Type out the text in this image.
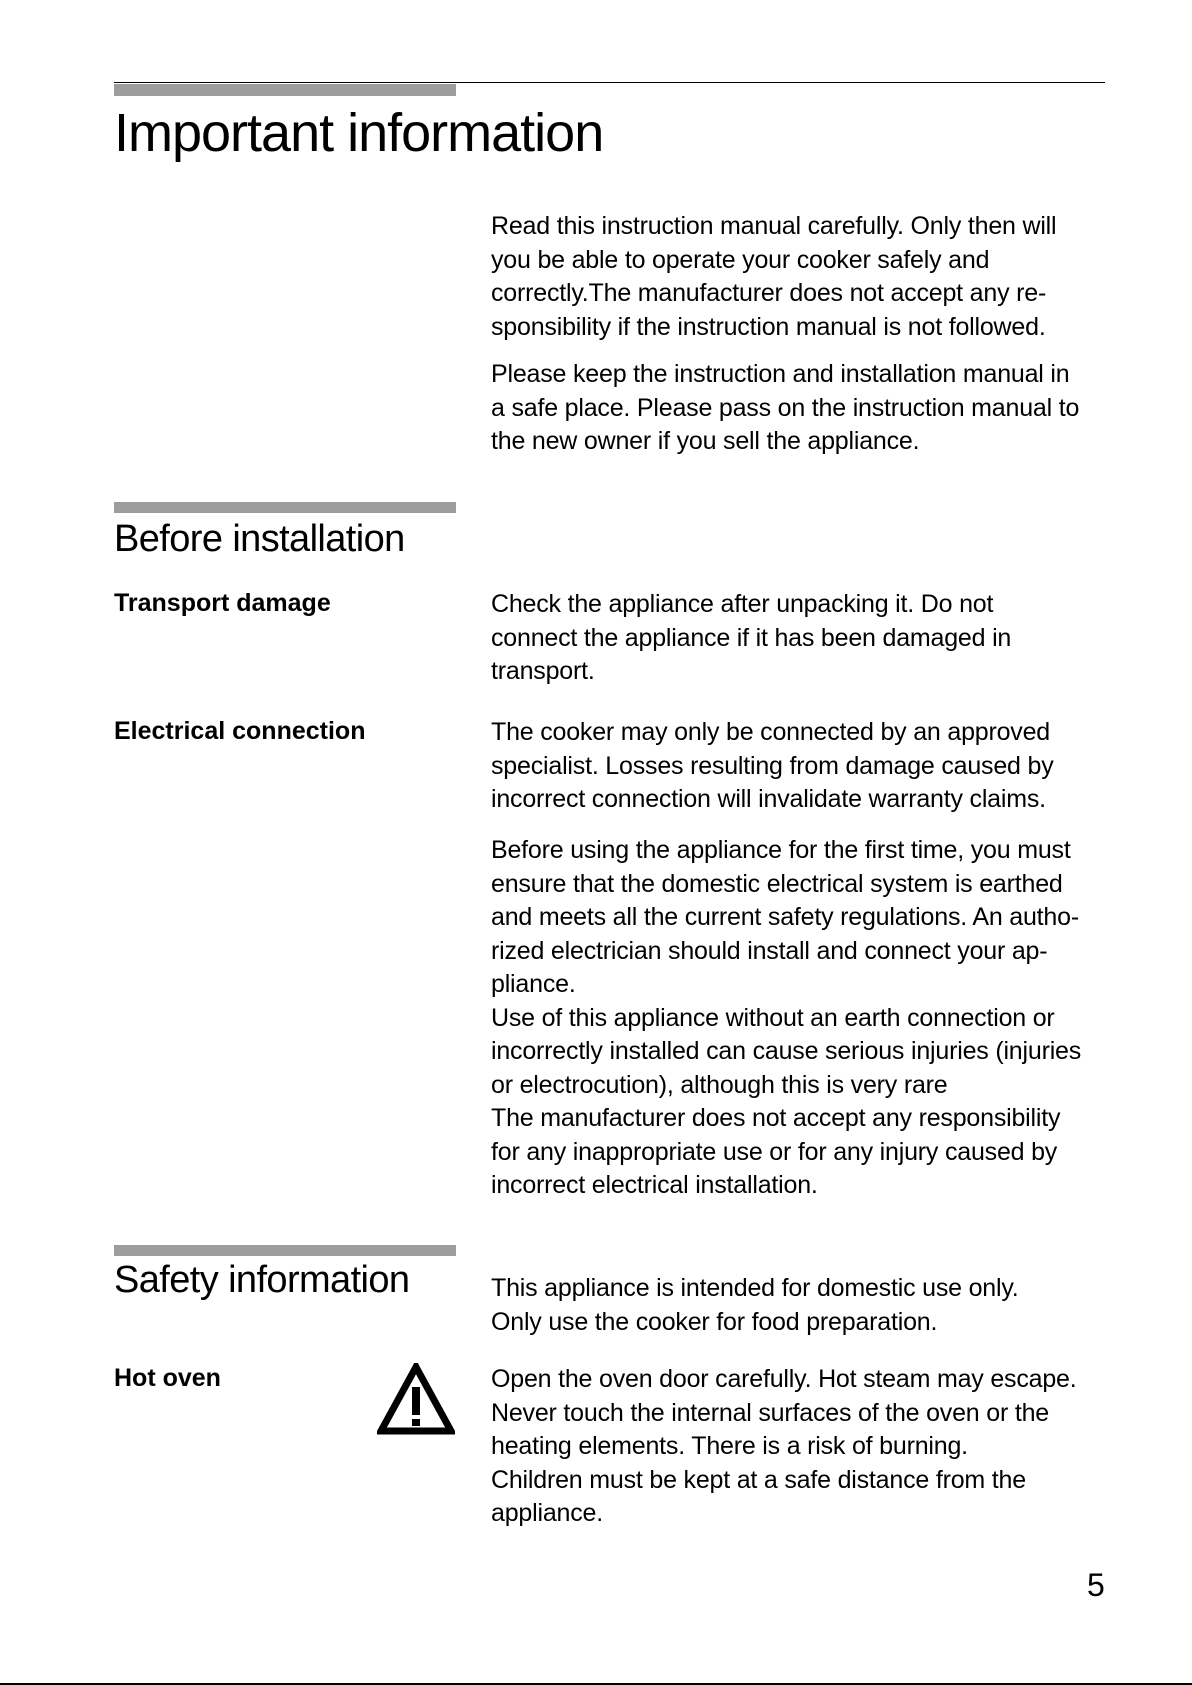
Important information

Read this instruction manual carefully. Only then will
you be able to operate your cooker safely and
correctly.The manufacturer does not accept any re-
sponsibility if the instruction manual is not followed.

Please keep the instruction and installation manual in
a safe place. Please pass on the instruction manual to
the new owner if you sell the appliance.

Before installation
Transport damage	Check the appliance after unpacking it. Do not
connect the appliance if it has been damaged in
transport.

Electrical connection	The cooker may only be connected by an approved
specialist. Losses resulting from damage caused by
incorrect connection will invalidate warranty claims.

Before using the appliance for the first time, you must
ensure that the domestic electrical system is earthed
and meets all the current safety regulations. An autho-
rized electrician should install and connect your ap-
pliance.
Use of this appliance without an earth connection or
incorrectly installed can cause serious injuries (injuries
or electrocution), although this is very rare
The manufacturer does not accept any responsibility
for any inappropriate use or for any injury caused by
incorrect electrical installation.

Safety information	This appliance is intended for domestic use only.
Only use the cooker for food preparation.

Hot oven	Open the oven door carefully. Hot steam may escape.
Never touch the internal surfaces of the oven or the
heating elements. There is a risk of burning.
Children must be kept at a safe distance from the
appliance.

5
